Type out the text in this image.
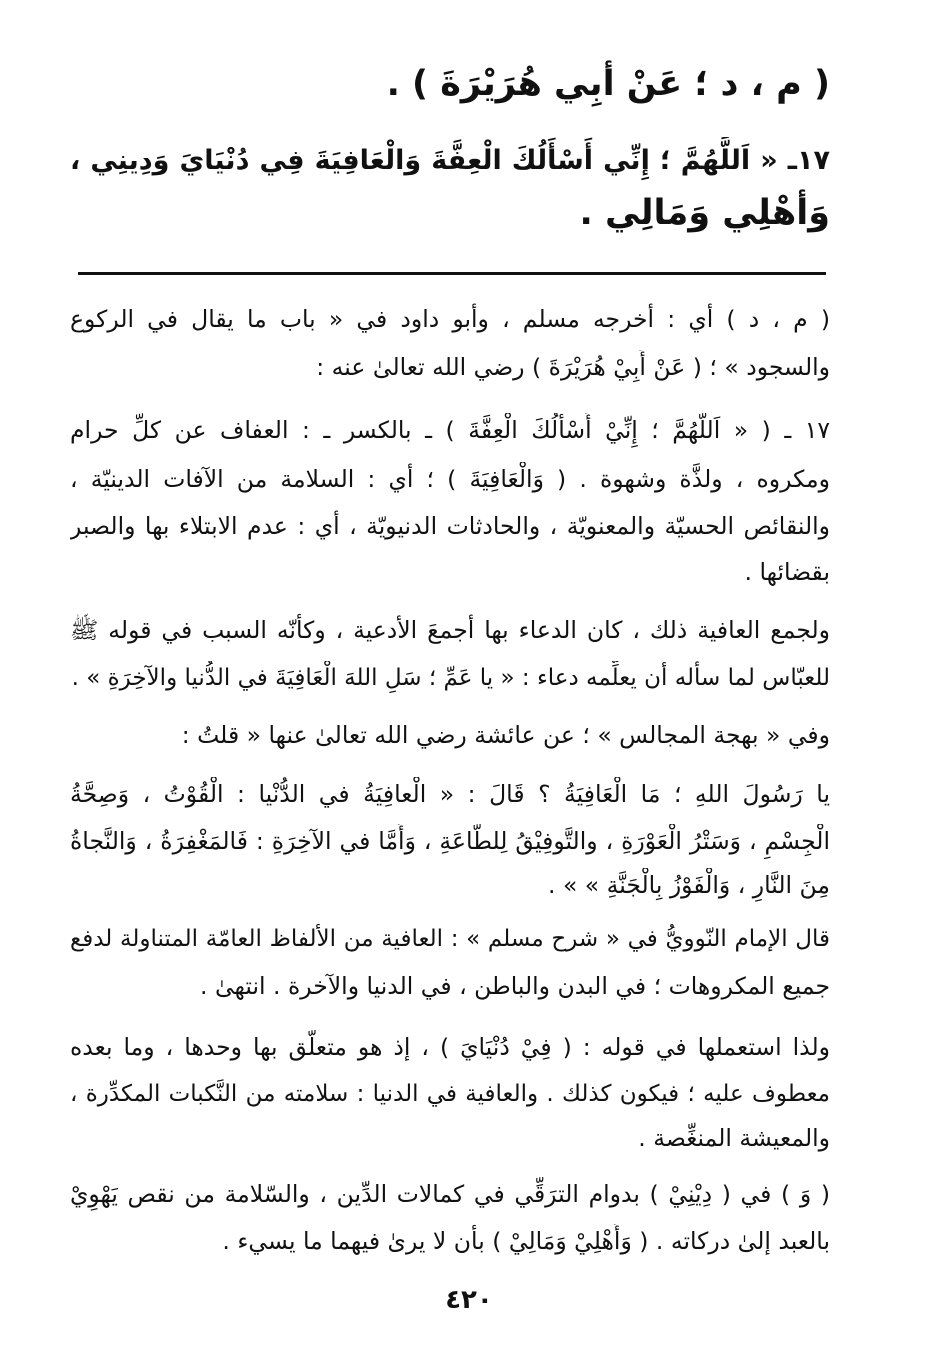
( م ، د ؛ عَنْ أَبِي هُرَيْرَةَ ) .
١٧ـ « اَللَّهُمَّ ؛ إِنِّي أَسْأَلُكَ الْعِفَّةَ وَالْعَافِيَةَ فِي دُنْيَايَ وَدِينِي ،
وَأَهْلِي وَمَالِي .
( م ، د ) أي : أخرجه مسلم ، وأبو داود في « باب ما يقال في الركوع
والسجود » ؛ ( عَنْ أَبِيْ هُرَيْرَةَ ) رضي الله تعالىٰ عنه :
١٧ ـ ( « اَللَّهُمَّ ؛ إِنِّيْ أَسْأَلُكَ الْعِفَّةَ ) ـ بالكسر ـ : العفاف عن كلِّ حرام
ومكروه ، ولذَّة وشهوة . ( وَالْعَافِيَةَ ) ؛ أي : السلامة من الآفات الدينيّة ،
والنقائص الحسيّة والمعنويّة ، والحادثات الدنيويّة ، أي : عدم الابتلاء بها والصبر
بقضائها .
ولجمع العافية ذلك ، كان الدعاء بها أجمعَ الأدعية ، وكأنّه السبب في قوله ﷺ
للعبّاس لما سأله أن يعلِّمه دعاء : « يا عَمِّ ؛ سَلِ اللهَ الْعَافِيَةَ في الدُّنيا والآخِرَةِ » .
وفي « بهجة المجالس » ؛ عن عائشة رضي الله تعالىٰ عنها « قلتُ :
يا رَسُولَ اللهِ ؛ مَا الْعَافِيَةُ ؟ قَالَ : « الْعافِيَةُ في الدُّنْيا : الْقُوْتُ ، وَصِحَّةُ
الْجِسْمِ ، وَسَتْرُ الْعَوْرَةِ ، والتَّوفِيْقُ لِلطَّاعَةِ ، وَأَمَّا في الآخِرَةِ : فَالمَغْفِرَةُ ، وَالنَّجاةُ
مِنَ النَّارِ ، وَالْفَوْزُ بِالْجَنَّةِ » » .
قال الإمام النّوويُّ في « شرح مسلم » : العافية من الألفاظ العامّة المتناولة لدفع
جميع المكروهات ؛ في البدن والباطن ، في الدنيا والآخرة . انتهىٰ .
ولذا استعملها في قوله : ( فِيْ دُنْيَايَ ) ، إذ هو متعلّق بها وحدها ، وما بعده
معطوف عليه ؛ فيكون كذلك . والعافية في الدنيا : سلامته من النَّكبات المكدِّرة ،
والمعيشة المنغِّصة .
( وَ ) في ( دِيْنِيْ ) بدوام الترَقِّي في كمالات الدِّين ، والسّلامة من نقص يَهْوِيْ
بالعبد إلىٰ دركاته . ( وَأَهْلِيْ وَمَالِيْ ) بأن لا يرىٰ فيهما ما يسيء .
٤٢٠
